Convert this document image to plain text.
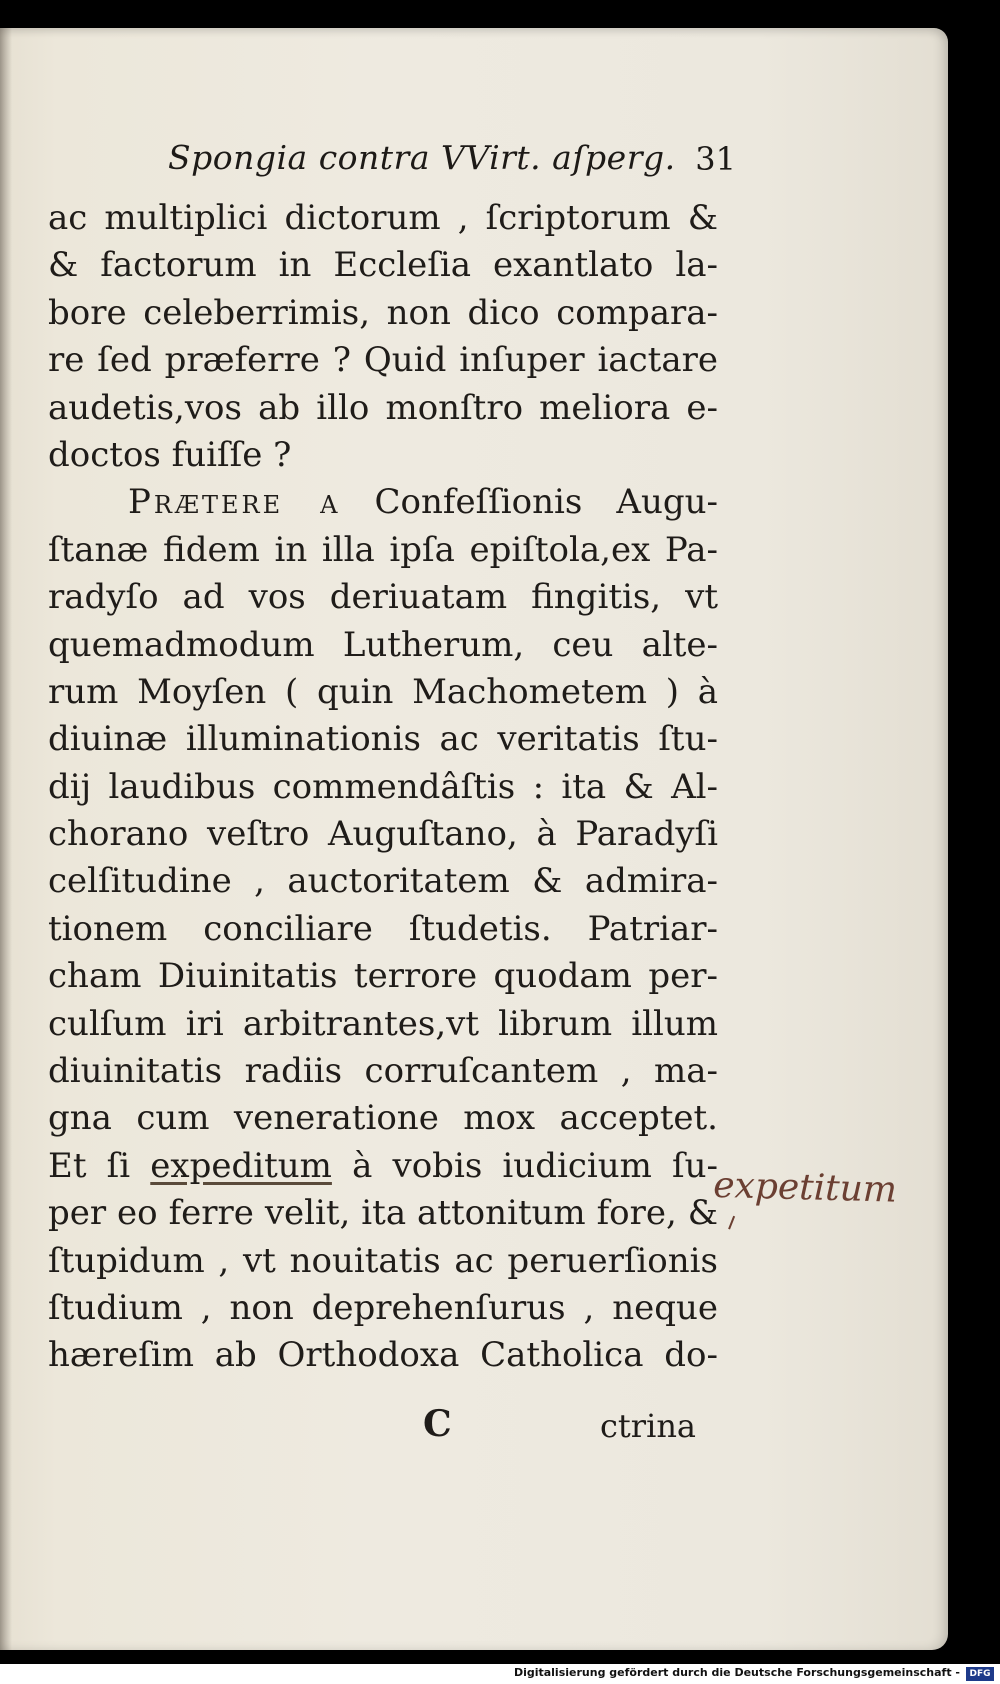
Spongia contra VVirt. aſperg. 31
ac multiplici dictorum , ſcriptorum &
& factorum in Eccleſia exantlato la-
bore celeberrimis, non dico compara-
re ſed præferre ? Quid inſuper iactare
audetis,vos ab illo monſtro meliora e-
doctos fuiſſe ?
Prætere a Confeſſionis Augu-
ſtanæ fidem in illa ipſa epiſtola,ex Pa-
radyſo ad vos deriuatam fingitis, vt
quemadmodum Lutherum, ceu alte-
rum Moyſen ( quin Machometem ) à
diuinæ illuminationis ac veritatis ſtu-
dij laudibus commendâſtis : ita & Al-
chorano veſtro Auguſtano, à Paradyſi
celſitudine , auctoritatem & admira-
tionem conciliare ſtudetis. Patriar-
cham Diuinitatis terrore quodam per-
culſum iri arbitrantes,vt librum illum
diuinitatis radiis corruſcantem , ma-
gna cum veneratione mox acceptet.
Et ſi expeditum à vobis iudicium ſu-
per eo ferre velit, ita attonitum fore, &
ſtupidum , vt nouitatis ac peruerſionis
ſtudium , non deprehenſurus , neque
hæreſim ab Orthodoxa Catholica do-
C	ctrina
expetitum
Digitalisierung gefördert durch die Deutsche Forschungsgemeinschaft -	DFG
